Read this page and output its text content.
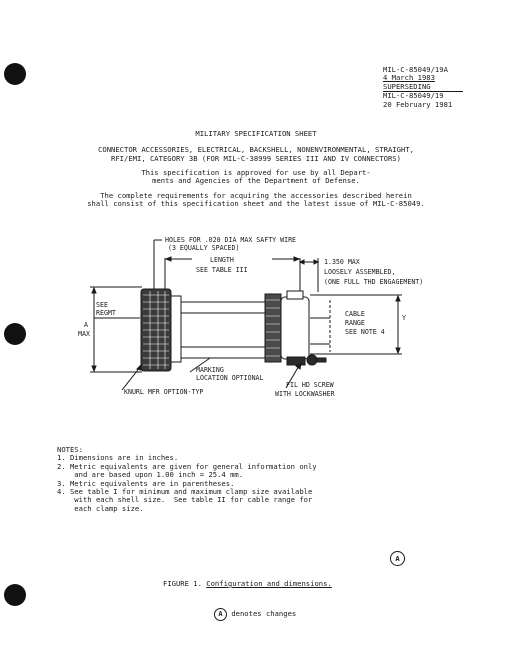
MIL-C-85049/19A
4 March 1983
SUPERSEDING
MIL-C-85049/19
20 February 1981
MILITARY SPECIFICATION SHEET
CONNECTOR ACCESSORIES, ELECTRICAL, BACKSHELL, NONENVIRONMENTAL, STRAIGHT,
RFI/EMI, CATEGORY 3B (FOR MIL-C-38999 SERIES III AND IV CONNECTORS)
This specification is approved for use by all Depart-
ments and Agencies of the Department of Defense.
The complete requirements for acquiring the accessories described herein
shall consist of this specification sheet and the latest issue of MIL-C-85049.
HOLES FOR .020 DIA MAX SAFTY WIRE
(3 EQUALLY SPACED)
LENGTH
SEE TABLE III
1.350 MAX
LOOSELY ASSEMBLED,
(ONE FULL THD ENGAGEMENT)
SEE
REGMT
A
MAX
CABLE
RANGE
SEE NOTE 4
Y
MARKING
LOCATION OPTIONAL
KNURL MFR OPTION-TYP
FIL HD SCREW
WITH LOCKWASHER
NOTES:
1. Dimensions are in inches.
2. Metric equivalents are given for general information only
and are based upon 1.00 inch = 25.4 mm.
3. Metric equivalents are in parentheses.
4. See table I for minimum and maximum clamp size available
with each shell size.  See table II for cable range for
each clamp size.
A
FIGURE 1. Configuration and dimensions.
A denotes changes
